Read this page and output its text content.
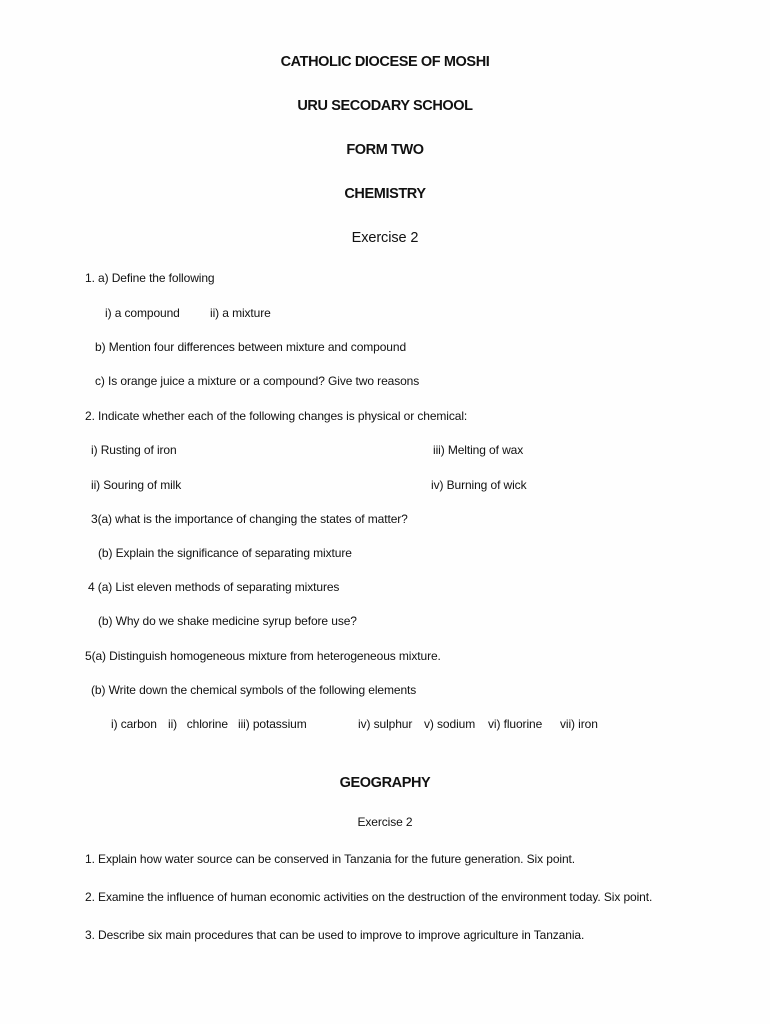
CATHOLIC DIOCESE OF MOSHI
URU SECODARY SCHOOL
FORM TWO
CHEMISTRY
Exercise 2
1. a) Define the following
i) a compound	ii) a mixture
b) Mention four differences between mixture and compound
c) Is orange juice a mixture or a compound? Give two reasons
2. Indicate whether each of the following changes is physical or chemical:
i) Rusting of iron	iii) Melting of wax
ii) Souring of milk	iv) Burning of wick
3(a) what is the importance of changing the states of matter?
(b) Explain the significance of separating mixture
4 (a) List eleven methods of separating mixtures
(b) Why do we shake medicine syrup before use?
5(a) Distinguish homogeneous mixture from heterogeneous mixture.
(b) Write down the chemical symbols of the following elements
i) carbon ii)   chlorine iii) potassium	iv) sulphur v) sodium vi) fluorine vii) iron
GEOGRAPHY
Exercise 2
1. Explain how water source can be conserved in Tanzania for the future generation. Six point.
2. Examine the influence of human economic activities on the destruction of the environment today. Six point.
3. Describe six main procedures that can be used to improve to improve agriculture in Tanzania.
